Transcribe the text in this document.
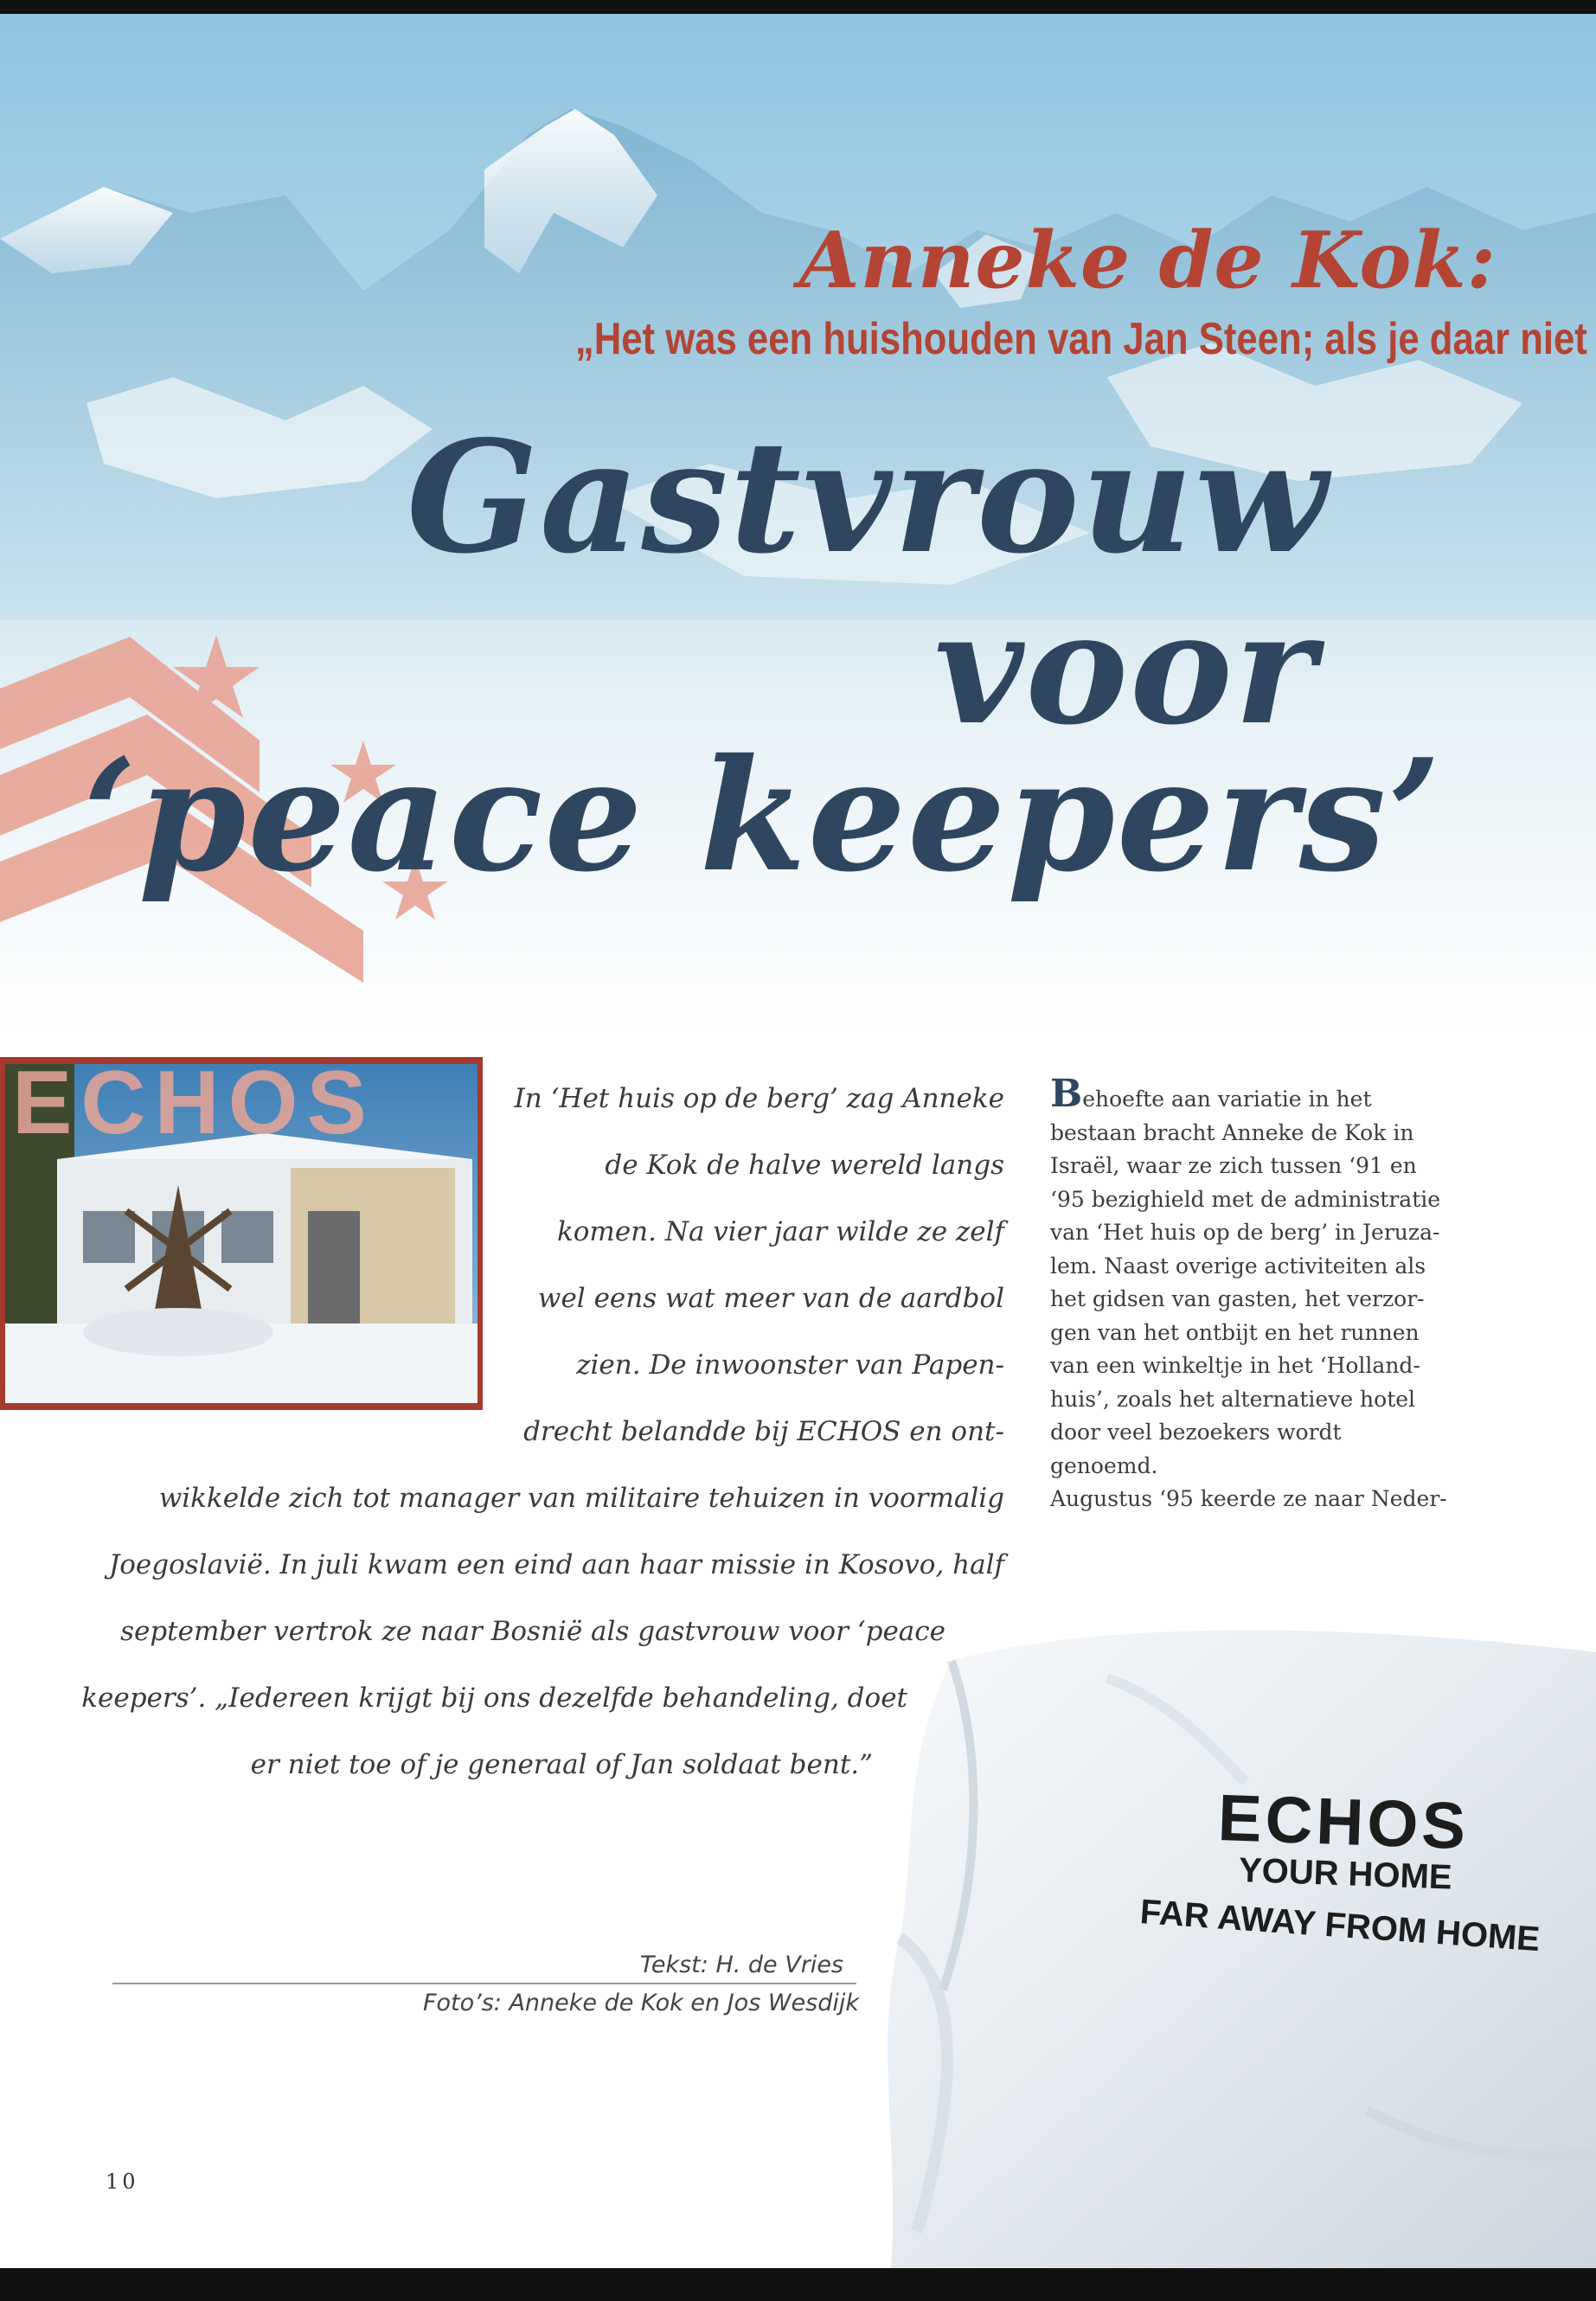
Anneke de Kok:
„Het was een huishouden van Jan Steen; als je daar niet
Gastvrouw
voor
‘peace keepers’
ECHOS	In ‘Het huis op de berg’ zag Anneke
de Kok de halve wereld langs
komen. Na vier jaar wilde ze zelf
wel eens wat meer van de aardbol
zien. De inwoonster van Papen-
drecht belandde bij ECHOS en ont-
wikkelde zich tot manager van militaire tehuizen in voormalig
Joegoslavië. In juli kwam een eind aan haar missie in Kosovo, half
september vertrok ze naar Bosnië als gastvrouw voor ‘peace
keepers’. „Iedereen krijgt bij ons dezelfde behandeling, doet
er niet toe of je generaal of Jan soldaat bent.”
Behoefte aan variatie in het
bestaan bracht Anneke de Kok in
Israël, waar ze zich tussen ‘91 en
‘95 bezighield met de administratie
van ‘Het huis op de berg’ in Jeruza-
lem. Naast overige activiteiten als
het gidsen van gasten, het verzor-
gen van het ontbijt en het runnen
van een winkeltje in het ‘Holland-
huis’, zoals het alternatieve hotel
door veel bezoekers wordt
genoemd.
Augustus ‘95 keerde ze naar Neder-
ECHOS
YOUR HOME
FAR AWAY FROM HOME
Tekst: H. de Vries
Foto’s: Anneke de Kok en Jos Wesdijk
10
